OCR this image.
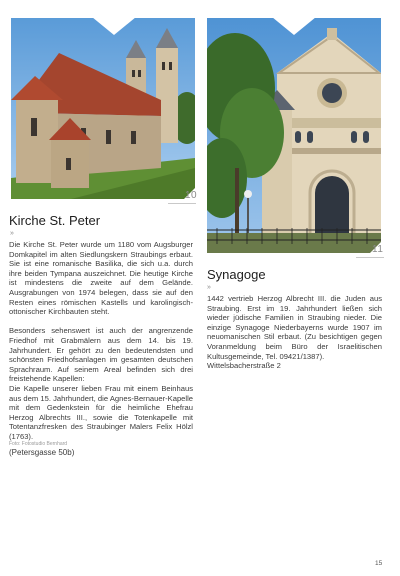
10
11
Kirche St. Peter
»

Die Kirche St. Peter wurde um 1180 vom Augsburger Domkapitel im alten Siedlungskern Straubings erbaut. Sie ist eine romanische Basilika, die sich u.a. durch ihre beiden Tympana auszeichnet. Die heutige Kirche ist mindestens die zweite auf dem Gelände. Ausgrabungen von 1974 belegen, dass sie auf den Resten eines römischen Kastells und karolingisch-ottonischer Kirchbauten steht.

Besonders sehenswert ist auch der angrenzende Friedhof mit Grabmälern aus dem 14. bis 19. Jahrhundert. Er gehört zu den bedeutendsten und schönsten Friedhofsanlagen im gesamten deutschen Sprachraum. Auf seinem Areal befinden sich drei freistehende Kapellen:

Die Kapelle unserer lieben Frau mit einem Beinhaus aus dem 15. Jahrhundert, die Agnes-Bernauer-Kapelle mit dem Gedenkstein für die heimliche Ehefrau Herzog Albrechts III., sowie die Totenkapelle mit Totentanzfresken des Straubinger Malers Felix Hölzl (1763).
Foto: Fotostudio Bernhard
(Petersgasse 50b)

Synagoge
»

1442 vertrieb Herzog Albrecht III. die Juden aus Straubing. Erst im 19. Jahrhundert ließen sich wieder jüdische Familien in Straubing nieder. Die einzige Synagoge Niederbayerns wurde 1907 im neuomanischen Stil erbaut. (Zu besichtigen gegen Voranmeldung beim Büro der Israelitischen Kultusgemeinde, Tel. 09421/1387).
Wittelsbacherstraße 2

15
